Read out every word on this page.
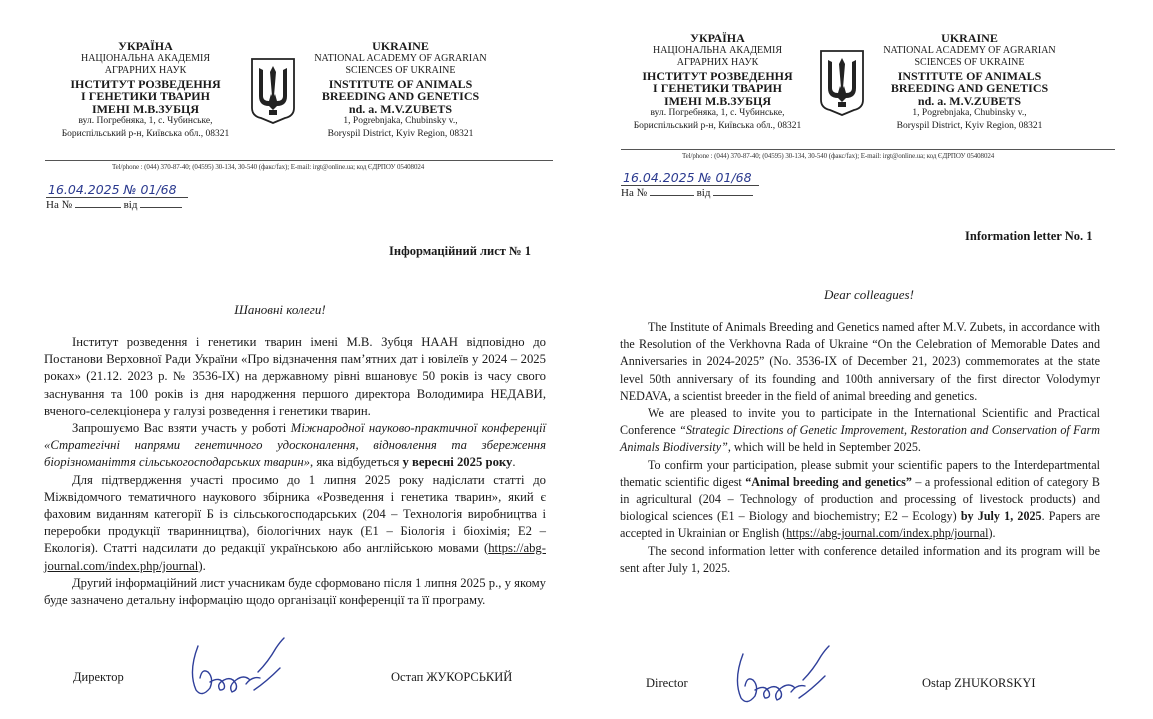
УКРАЇНА
НАЦІОНАЛЬНА АКАДЕМІЯ
АГРАРНИХ НАУК
ІНСТИТУТ РОЗВЕДЕННЯ
І ГЕНЕТИКИ ТВАРИН
ІМЕНІ М.В.ЗУБЦЯ
вул. Погребняка, 1, с. Чубинське,
Бориспільський р-н, Київська обл., 08321
UKRAINE
NATIONAL ACADEMY OF AGRARIAN
SCIENCES OF UKRAINE
INSTITUTE OF ANIMALS
BREEDING AND GENETICS
nd. a. M.V.ZUBETS
1, Pogrebnjaka, Chubinsky v.,
Boryspil District, Kyiv Region, 08321
Tel/phone : (044) 370-87-40; (04595) 30-134, 30-540 (факс/fax); E-mail: irgt@online.ua; код ЄДРПОУ 05408024
16.04.2025 № 01/68
На №	від
Інформаційний лист № 1
Шановні колеги!

Інститут розведення і генетики тварин імені М.В. Зубця НААН відповідно до Постанови Верховної Ради України «Про відзначення пам’ятних дат і ювілеїв у 2024 – 2025 роках» (21.12. 2023 р. № 3536-IX) на державному рівні вшановує 50 років із часу свого заснування та 100 років із дня народження першого директора Володимира НЕДАВИ, вченого-селекціонера у галузі розведення і генетики тварин.

Запрошуємо Вас взяти участь у роботі Міжнародної науково-практичної конференції «Стратегічні напрями генетичного удосконалення, відновлення та збереження біорізноманіття сільськогосподарських тварин», яка відбудеться у вересні 2025 року.

Для підтвердження участі просимо до 1 липня 2025 року надіслати статті до Міжвідомчого тематичного наукового збірника «Розведення і генетика тварин», який є фаховим виданням категорії Б із сільськогосподарських (204 – Технологія виробництва і переробки продукції тваринництва), біологічних наук (Е1 – Біологія і біохімія; Е2 – Екологія). Статті надсилати до редакції українською або англійською мовами (https://abg-journal.com/index.php/journal).

Другий інформаційний лист учасникам буде сформовано після 1 липня 2025 р., у якому буде зазначено детальну інформацію щодо організації конференції та її програму.

Директор	Остап ЖУКОРСЬКИЙ
УКРАЇНА
НАЦІОНАЛЬНА АКАДЕМІЯ
АГРАРНИХ НАУК
ІНСТИТУТ РОЗВЕДЕННЯ
І ГЕНЕТИКИ ТВАРИН
ІМЕНІ М.В.ЗУБЦЯ
вул. Погребняка, 1, с. Чубинське,
Бориспільський р-н, Київська обл., 08321
UKRAINE
NATIONAL ACADEMY OF AGRARIAN
SCIENCES OF UKRAINE
INSTITUTE OF ANIMALS
BREEDING AND GENETICS
nd. a. M.V.ZUBETS
1, Pogrebnjaka, Chubinsky v.,
Boryspil District, Kyiv Region, 08321
Tel/phone : (044) 370-87-40; (04595) 30-134, 30-540 (факс/fax); E-mail: irgt@online.ua; код ЄДРПОУ 05408024
16.04.2025 № 01/68
На №	від
Information letter No. 1
Dear colleagues!

The Institute of Animals Breeding and Genetics named after M.V. Zubets, in accordance with the Resolution of the Verkhovna Rada of Ukraine “On the Celebration of Memorable Dates and Anniversaries in 2024-2025” (No. 3536-IX of December 21, 2023) commemorates at the state level 50th anniversary of its founding and 100th anniversary of the first director Volodymyr NEDAVA, a scientist breeder in the field of animal breeding and genetics.

We are pleased to invite you to participate in the International Scientific and Practical Conference “Strategic Directions of Genetic Improvement, Restoration and Conservation of Farm Animals Biodiversity”, which will be held in September 2025.

To confirm your participation, please submit your scientific papers to the Interdepartmental thematic scientific digest “Animal breeding and genetics” – a professional edition of category B in agricultural (204 – Technology of production and processing of livestock products) and biological sciences (E1 – Biology and biochemistry; E2 – Ecology) by July 1, 2025. Papers are accepted in Ukrainian or English (https://abg-journal.com/index.php/journal).

The second information letter with conference detailed information and its program will be sent after July 1, 2025.

Director	Ostap ZHUKORSKYI
